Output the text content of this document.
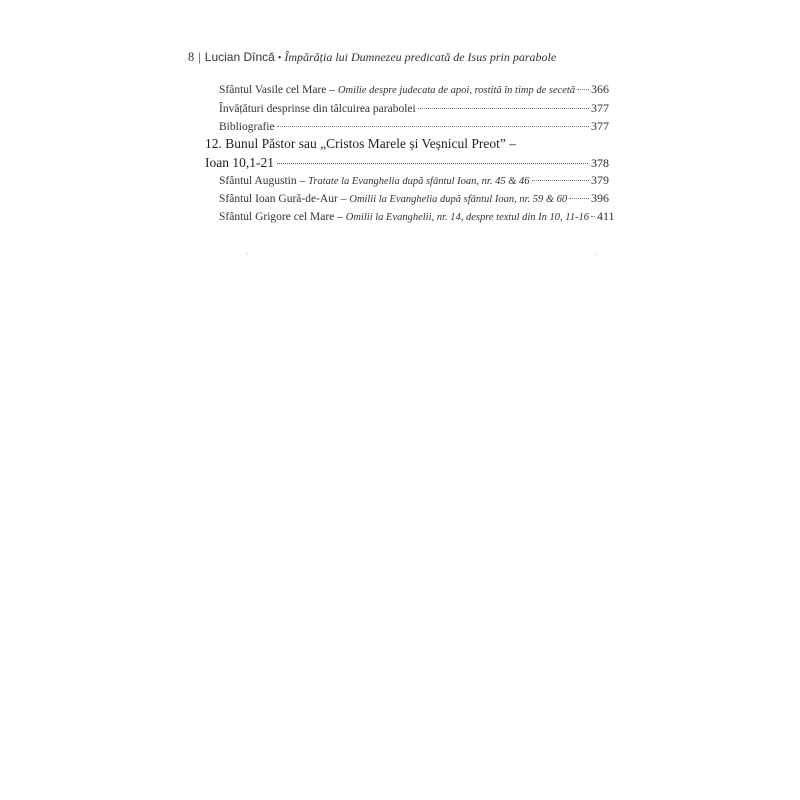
8 | Lucian Dîncă • Împărăția lui Dumnezeu predicată de Isus prin parabole
Sfântul Vasile cel Mare – Omilie despre judecata de apoi, rostită în timp de secetă 366
Învățături desprinse din tâlcuirea parabolei	377
Bibliografie	377
12. Bunul Păstor sau „Cristos Marele și Veșnicul Preot” –
Ioan 10,1-21	378
Sfântul Augustin – Tratate la Evanghelia după sfântul Ioan, nr. 45 & 46	379
Sfântul Ioan Gură-de-Aur – Omilii la Evanghelia după sfântul Ioan, nr. 59 & 60 396
Sfântul Grigore cel Mare – Omilii la Evanghelii, nr. 14, despre textul din In 10, 11-16 411
˛	ˌ
